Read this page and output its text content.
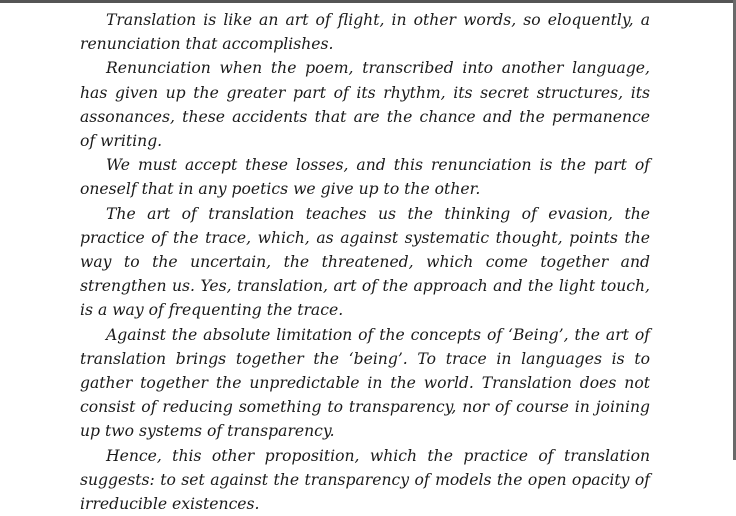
Translation is like an art of flight, in other words, so eloquently, a renunciation that accomplishes.

Renunciation when the poem, transcribed into another language, has given up the greater part of its rhythm, its secret structures, its assonances, these accidents that are the chance and the permanence of writing.

We must accept these losses, and this renunciation is the part of oneself that in any poetics we give up to the other.

The art of translation teaches us the thinking of evasion, the practice of the trace, which, as against systematic thought, points the way to the uncertain, the threatened, which come together and strengthen us. Yes, translation, art of the approach and the light touch, is a way of frequenting the trace.

Against the absolute limitation of the concepts of ‘Being’, the art of translation brings together the ‘being’. To trace in languages is to gather together the unpredictable in the world. Translation does not consist of reducing something to transparency, nor of course in joining up two systems of transparency.

Hence, this other proposition, which the practice of translation suggests: to set against the transparency of models the open opacity of irreducible existences.
